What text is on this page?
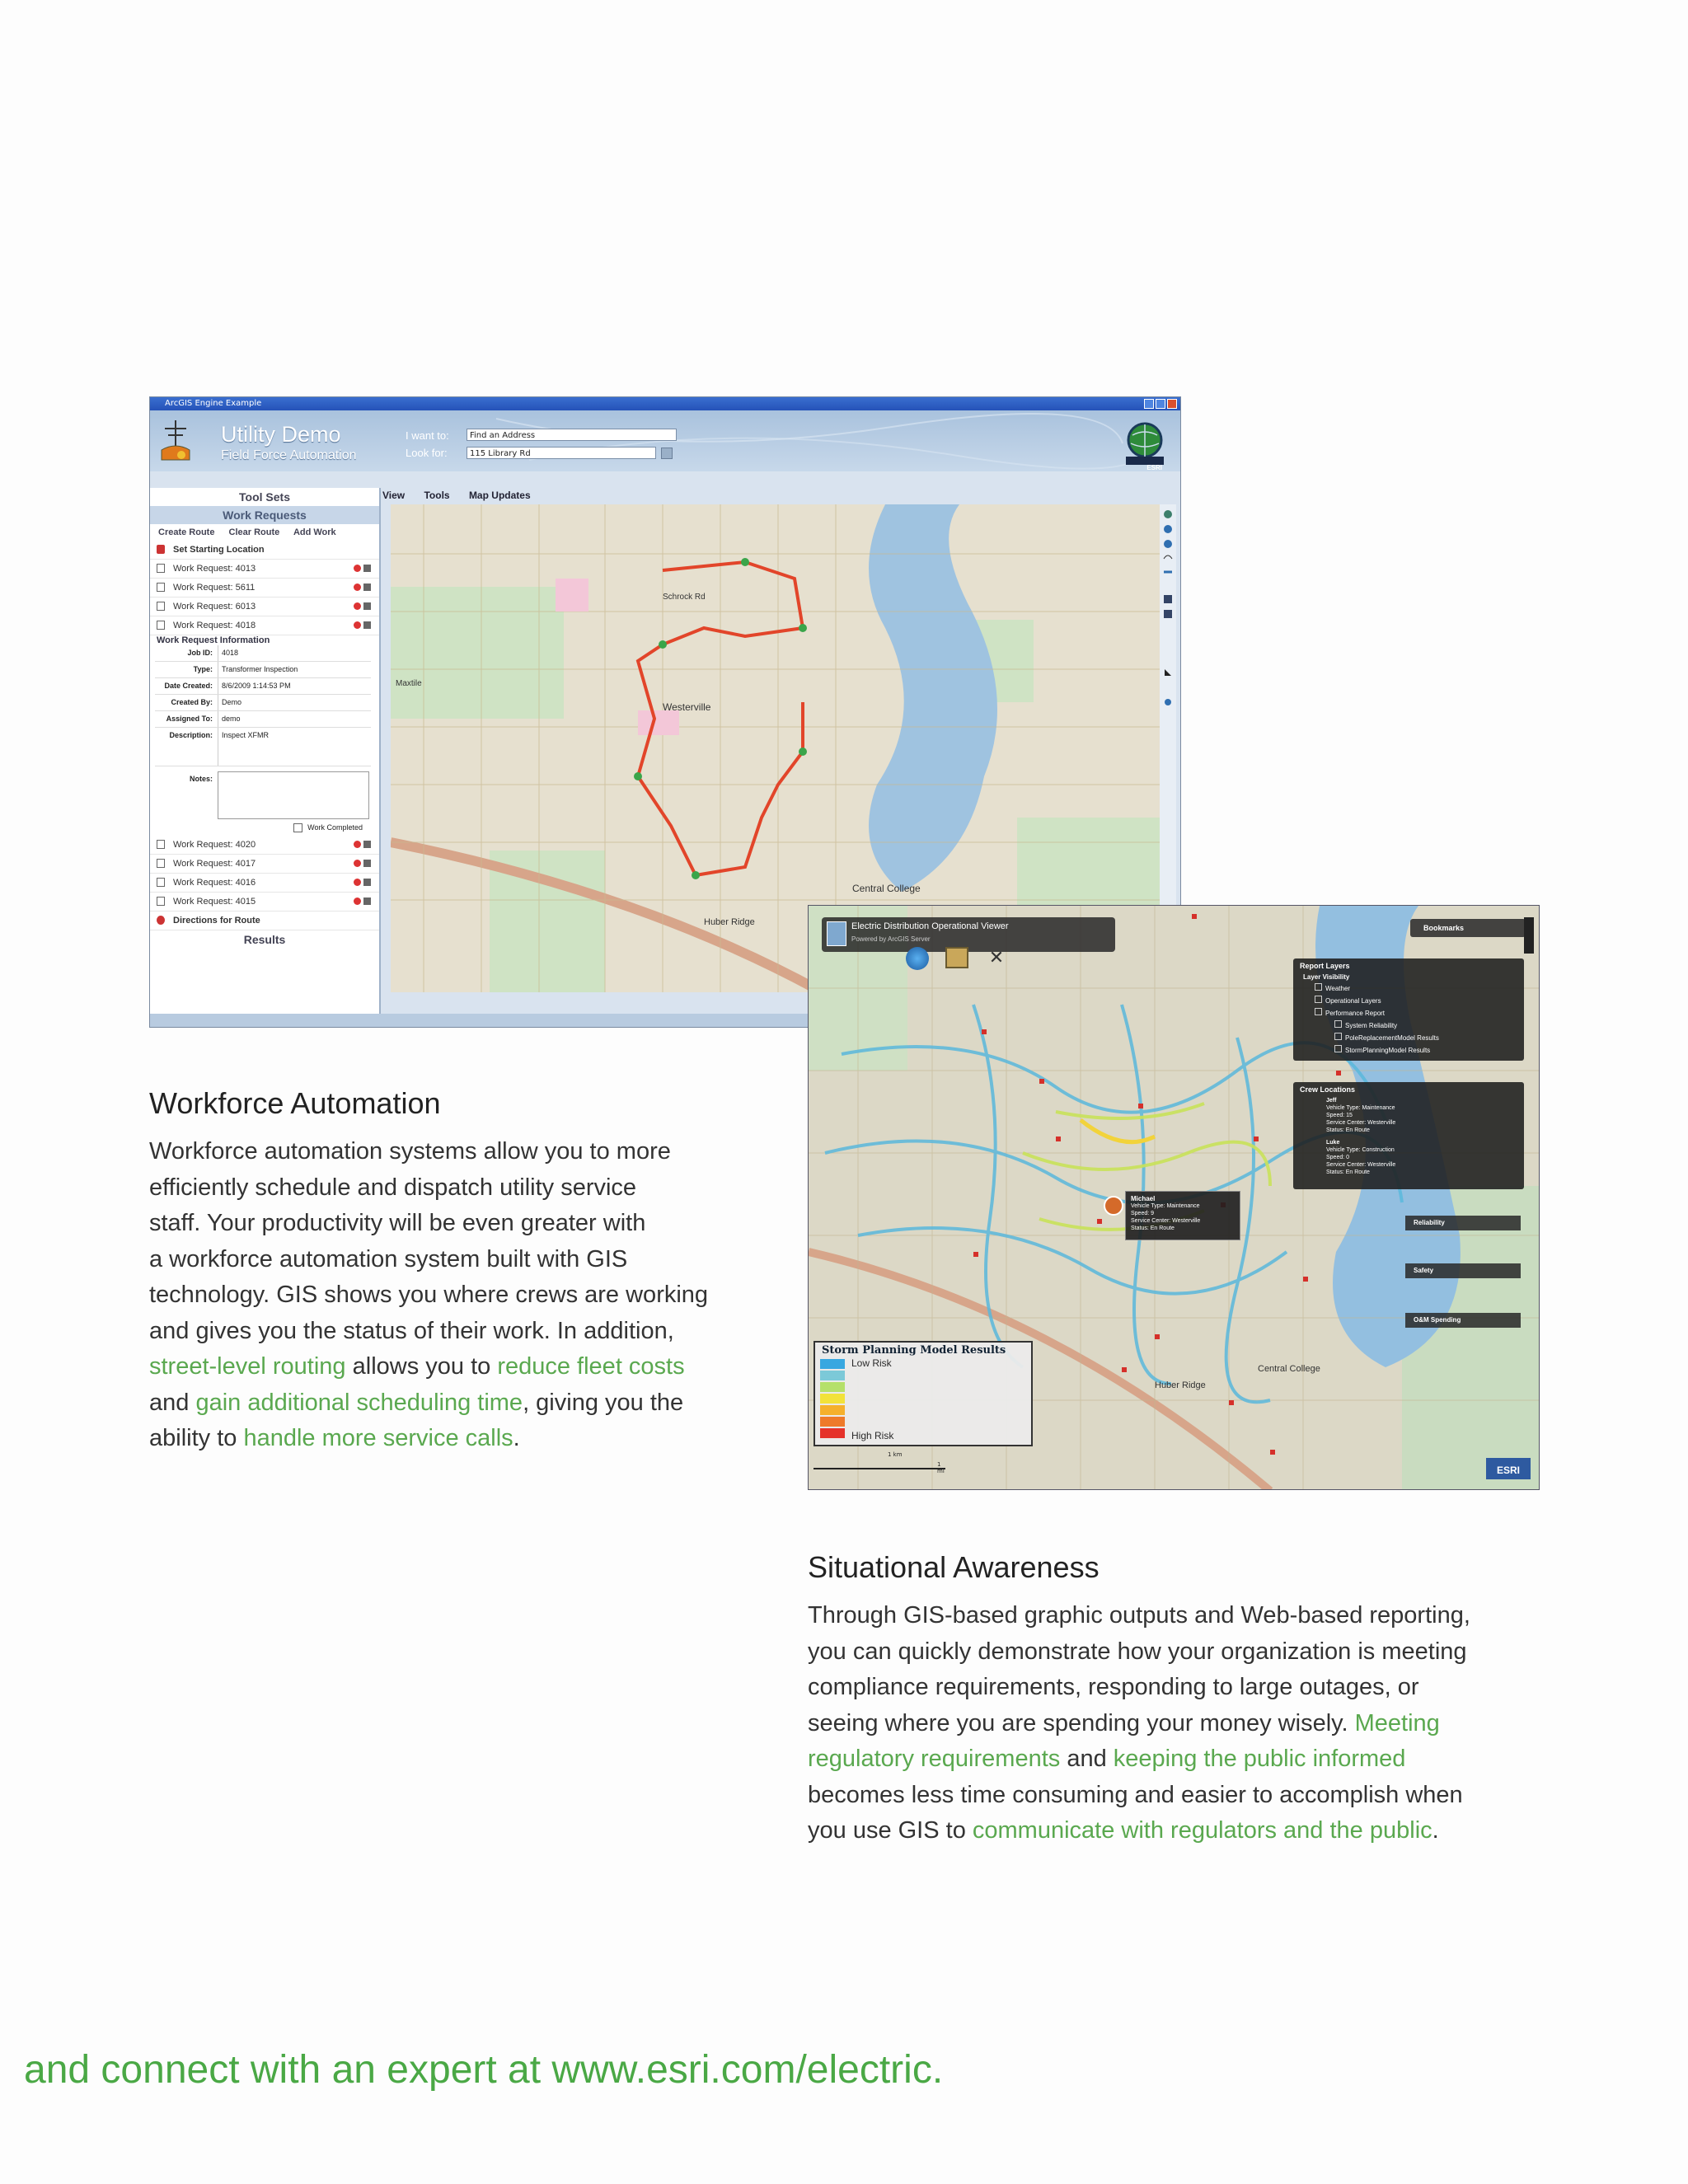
ArcGIS Engine Example
Utility Demo
Field Force Automation
I want to:	Find an Address
Look for:	115 Library Rd
ESRI
Tool Sets
Work Requests
Create Route Clear Route Add Work
Set Starting Location
Work Request: 4013
Work Request: 5611
Work Request: 6013
Work Request: 4018
Work Request Information
Job ID:	4018
Type:	Transformer Inspection
Date Created:	8/6/2009 1:14:53 PM
Created By:	Demo
Assigned To:	demo
Description:	Inspect XFMR
Notes:
Work Completed
Work Request: 4020
Work Request: 4017
Work Request: 4016
Work Request: 4015
Directions for Route
Results
View Tools Map Updates
Westerville
Central College
Huber Ridge
Schrock Rd
Maxtile
Central College
Huber Ridge
Electric Distribution Operational Viewer
Powered by ArcGIS Server
✕
Bookmarks
Report Layers
Layer Visibility
Weather
Operational Layers
Performance Report
System Reliability
PoleReplacementModel Results
StormPlanningModel Results
Crew Locations
Jeff
Vehicle Type: Maintenance
Speed: 15
Service Center: Westerville
Status: En Route
Luke
Vehicle Type: Construction
Speed: 0
Service Center: Westerville
Status: En Route
Michael
Vehicle Type: Maintenance
Speed: 9
Service Center: Westerville
Status: En Route
Reliability
Safety
O&M Spending
Storm Planning Model Results
Low Risk
High Risk
1 km
1 mi	ESRI
Workforce Automation

Workforce automation systems allow you to more

efficiently schedule and dispatch utility service

staff. Your productivity will be even greater with

a workforce automation system built with GIS

technology. GIS shows you where crews are working

and gives you the status of their work. In addition,

street-level routing allows you to reduce fleet costs

and gain additional scheduling time, giving you the

ability to handle more service calls.

Situational Awareness

Through GIS-based graphic outputs and Web-based reporting,

you can quickly demonstrate how your organization is meeting

compliance requirements, responding to large outages, or

seeing where you are spending your money wisely. Meeting

regulatory requirements and keeping the public informed

becomes less time consuming and easier to accomplish when

you use GIS to communicate with regulators and the public.

and connect with an expert at www.esri.com/electric.
